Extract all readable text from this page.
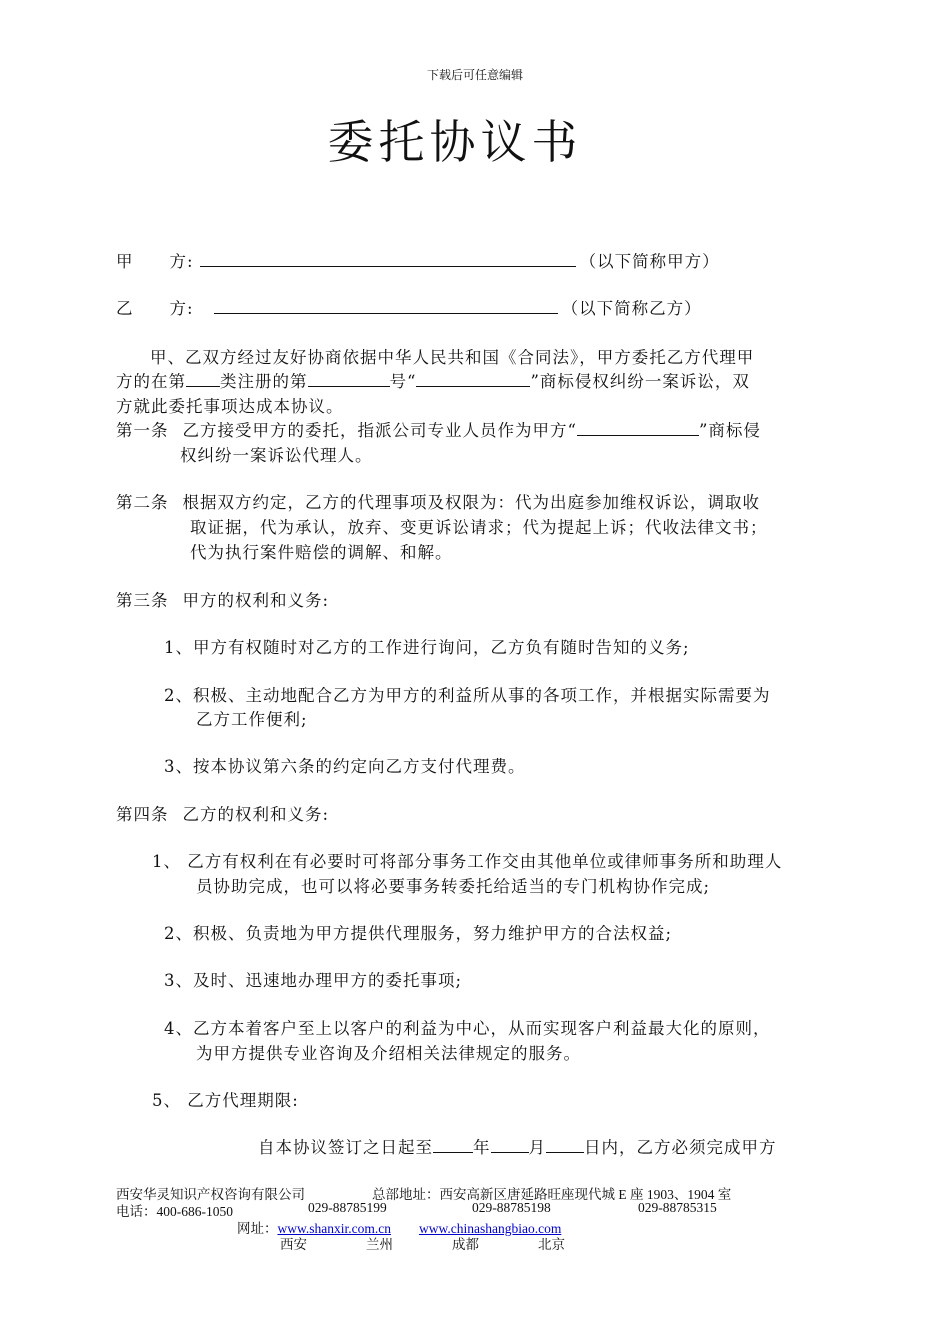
下载后可任意编辑
委托协议书
甲 方:	（以下简称甲方）
乙 方:	（以下简称乙方）
甲、乙双方经过友好协商依据中华人民共和国《合同法》，甲方委托乙方代理甲
方的在第 类注册的第	号“	”商标侵权纠纷一案诉讼，双
方就此委托事项达成本协议。
第一条 乙方接受甲方的委托，指派公司专业人员作为甲方“	”商标侵
权纠纷一案诉讼代理人。
第二条 根据双方约定，乙方的代理事项及权限为：代为出庭参加维权诉讼，调取收
取证据，代为承认，放弃、变更诉讼请求；代为提起上诉；代收法律文书；
代为执行案件赔偿的调解、和解。
第三条 甲方的权利和义务:
1、甲方有权随时对乙方的工作进行询问，乙方负有随时告知的义务;
2、积极、主动地配合乙方为甲方的利益所从事的各项工作，并根据实际需要为
乙方工作便利;
3、按本协议第六条的约定向乙方支付代理费。
第四条 乙方的权利和义务:
1、 乙方有权利在有必要时可将部分事务工作交由其他单位或律师事务所和助理人
员协助完成，也可以将必要事务转委托给适当的专门机构协作完成;
2、积极、负责地为甲方提供代理服务，努力维护甲方的合法权益;
3、及时、迅速地办理甲方的委托事项;
4、乙方本着客户至上以客户的利益为中心，从而实现客户利益最大化的原则，
为甲方提供专业咨询及介绍相关法律规定的服务。
5、 乙方代理期限:
自本协议签订之日起至 年 月 日内，乙方必须完成甲方
西安华灵知识产权咨询有限公司	总部地址：西安高新区唐延路旺座现代城 E 座 1903、1904 室
电话：400-686-1050	029-88785199	029-88785198	029-88785315
网址：www.shanxir.com.cn www.chinashangbiao.com
西安	兰州	成都	北京
